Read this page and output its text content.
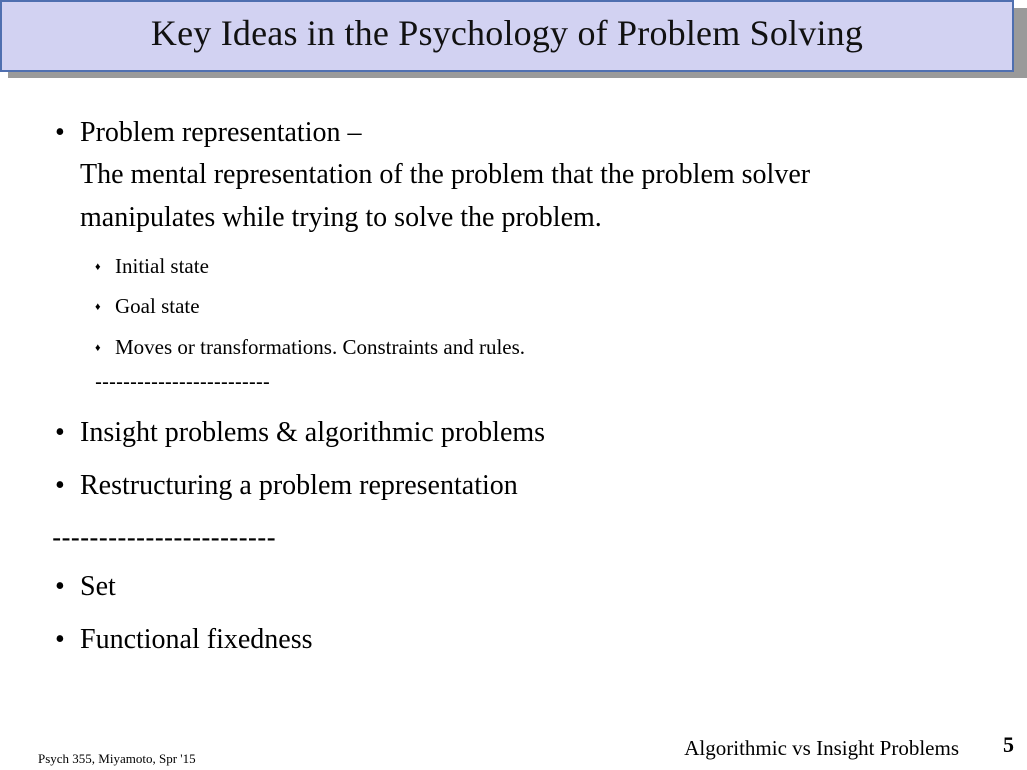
Key Ideas in the Psychology of Problem Solving
• Problem representation –
The mental representation of the problem that the problem solver
manipulates while trying to solve the problem.
♦ Initial state
♦ Goal state
♦ Moves or transformations. Constraints and rules.
-------------------------
• Insight problems & algorithmic problems
• Restructuring a problem representation
------------------------
• Set
• Functional fixedness
Psych 355, Miyamoto, Spr '15	Algorithmic vs Insight Problems 5
